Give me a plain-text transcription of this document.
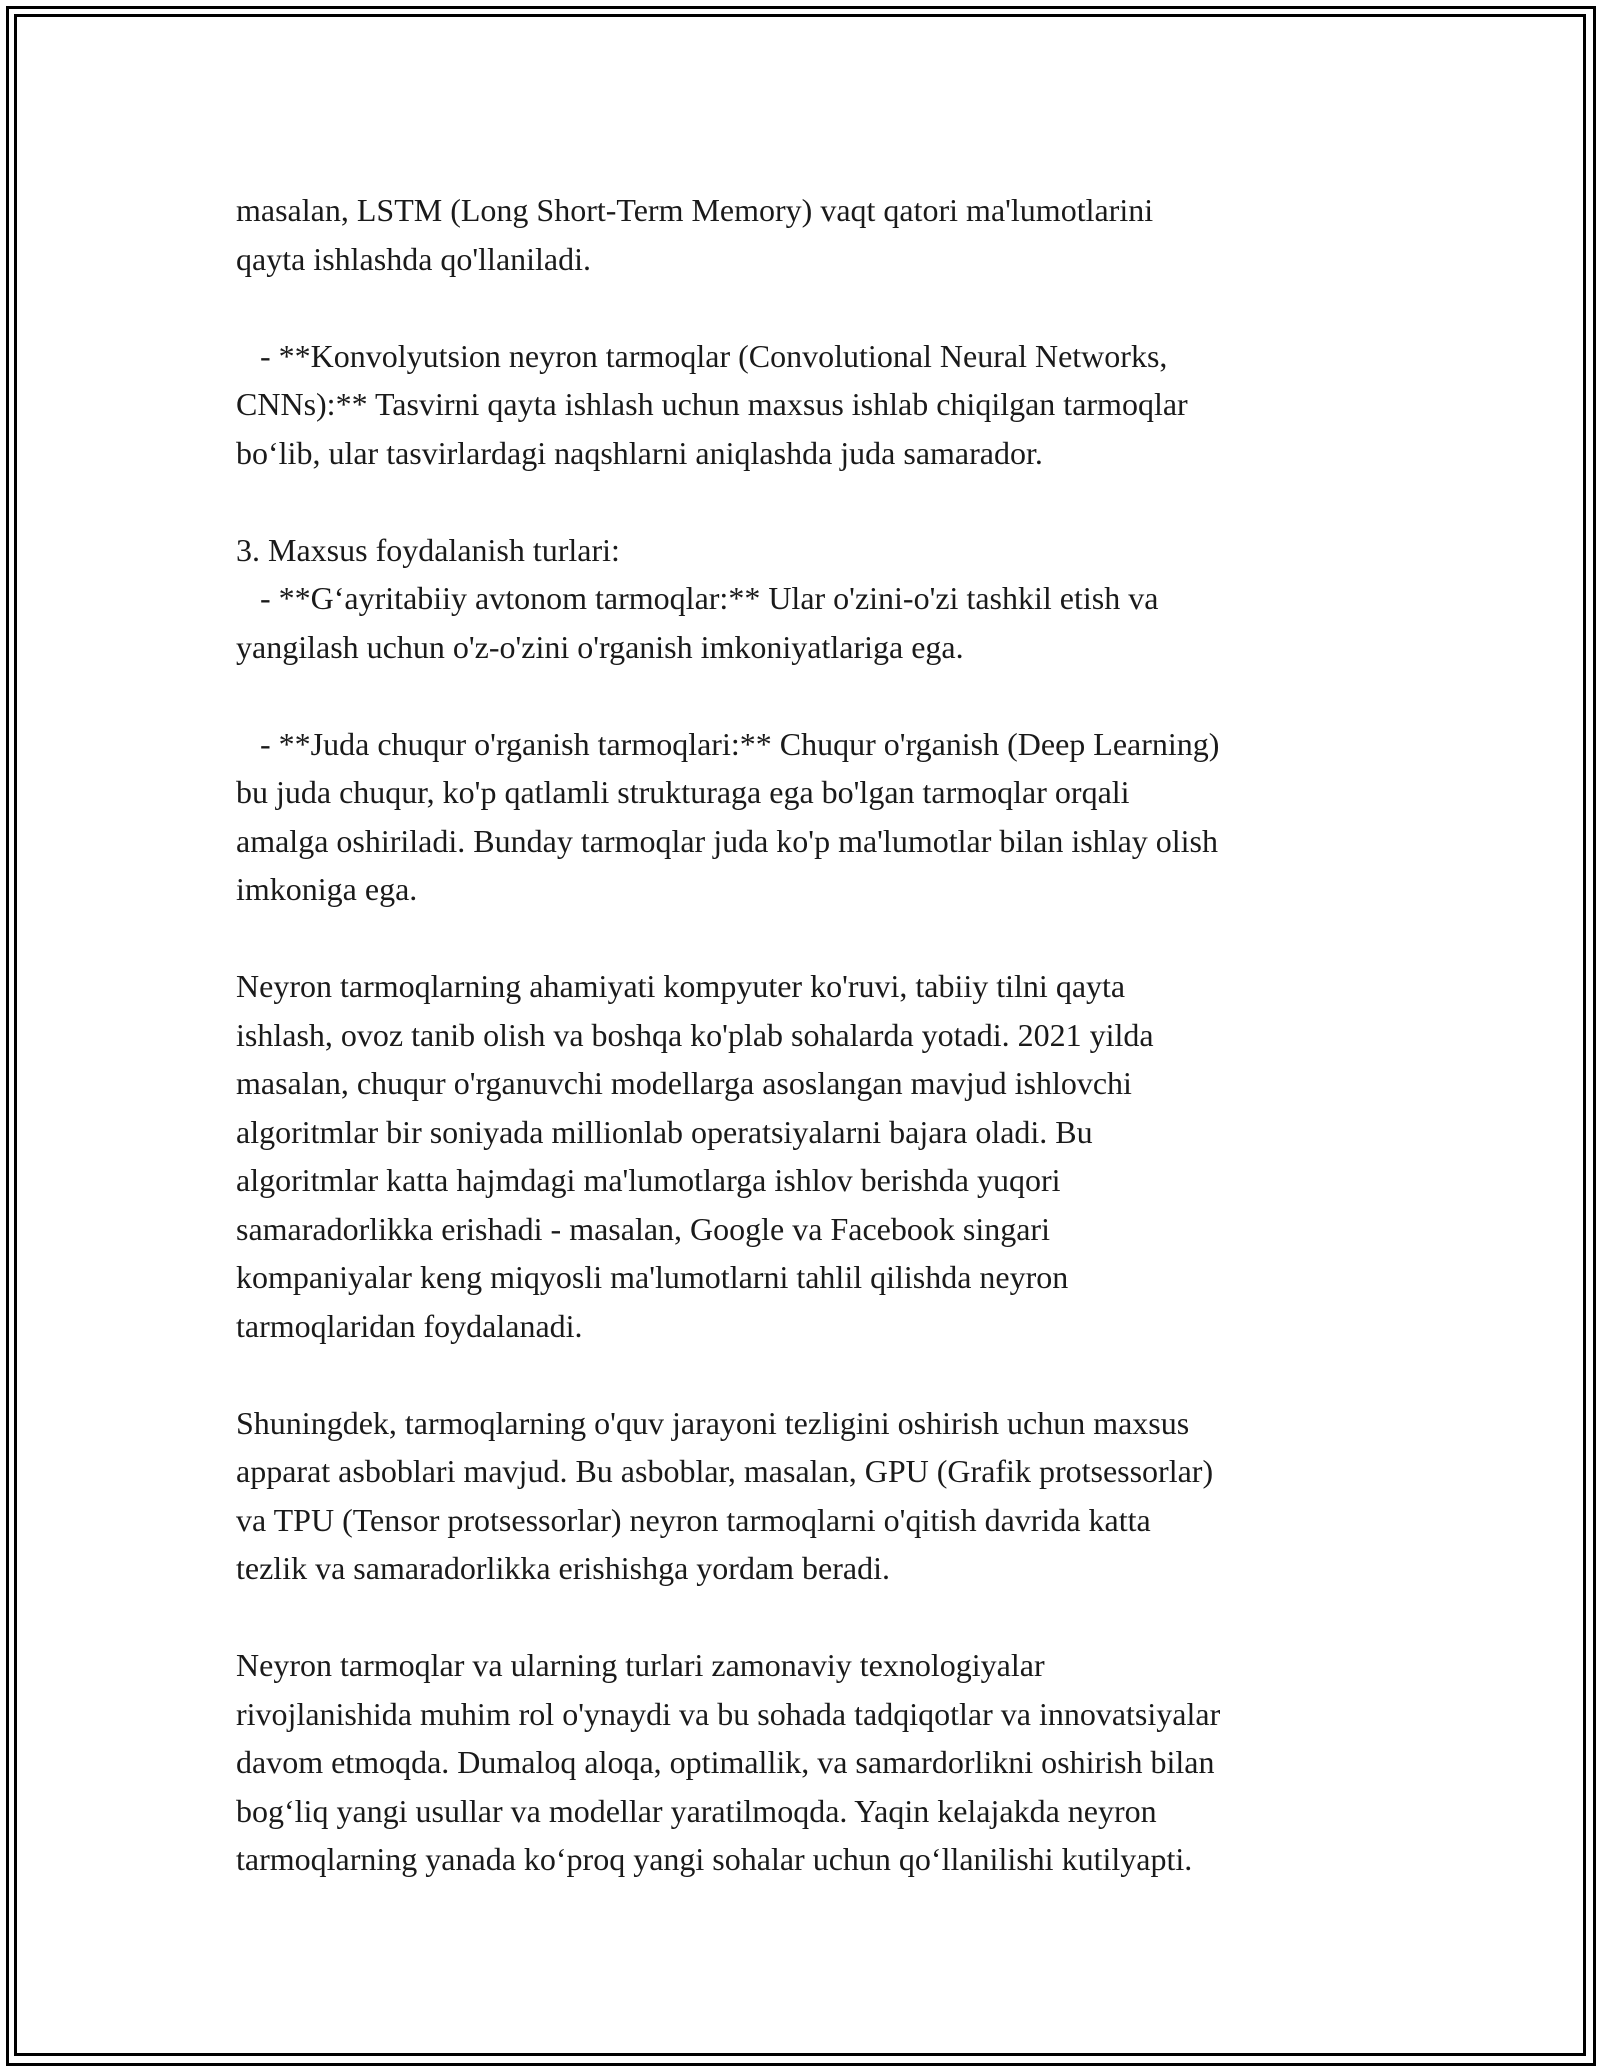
masalan, LSTM (Long Short-Term Memory) vaqt qatori ma'lumotlarini
qayta ishlashda qo'llaniladi.
- **Konvolyutsion neyron tarmoqlar (Convolutional Neural Networks,
CNNs):** Tasvirni qayta ishlash uchun maxsus ishlab chiqilgan tarmoqlar
bo‘lib, ular tasvirlardagi naqshlarni aniqlashda juda samarador.
3. Maxsus foydalanish turlari:
- **G‘ayritabiiy avtonom tarmoqlar:** Ular o'zini-o'zi tashkil etish va
yangilash uchun o'z-o'zini o'rganish imkoniyatlariga ega.
- **Juda chuqur o'rganish tarmoqlari:** Chuqur o'rganish (Deep Learning)
bu juda chuqur, ko'p qatlamli strukturaga ega bo'lgan tarmoqlar orqali
amalga oshiriladi. Bunday tarmoqlar juda ko'p ma'lumotlar bilan ishlay olish
imkoniga ega.
Neyron tarmoqlarning ahamiyati kompyuter ko'ruvi, tabiiy tilni qayta
ishlash, ovoz tanib olish va boshqa ko'plab sohalarda yotadi. 2021 yilda
masalan, chuqur o'rganuvchi modellarga asoslangan mavjud ishlovchi
algoritmlar bir soniyada millionlab operatsiyalarni bajara oladi. Bu
algoritmlar katta hajmdagi ma'lumotlarga ishlov berishda yuqori
samaradorlikka erishadi - masalan, Google va Facebook singari
kompaniyalar keng miqyosli ma'lumotlarni tahlil qilishda neyron
tarmoqlaridan foydalanadi.
Shuningdek, tarmoqlarning o'quv jarayoni tezligini oshirish uchun maxsus
apparat asboblari mavjud. Bu asboblar, masalan, GPU (Grafik protsessorlar)
va TPU (Tensor protsessorlar) neyron tarmoqlarni o'qitish davrida katta
tezlik va samaradorlikka erishishga yordam beradi.
Neyron tarmoqlar va ularning turlari zamonaviy texnologiyalar
rivojlanishida muhim rol o'ynaydi va bu sohada tadqiqotlar va innovatsiyalar
davom etmoqda. Dumaloq aloqa, optimallik, va samardorlikni oshirish bilan
bog‘liq yangi usullar va modellar yaratilmoqda. Yaqin kelajakda neyron
tarmoqlarning yanada ko‘proq yangi sohalar uchun qo‘llanilishi kutilyapti.
